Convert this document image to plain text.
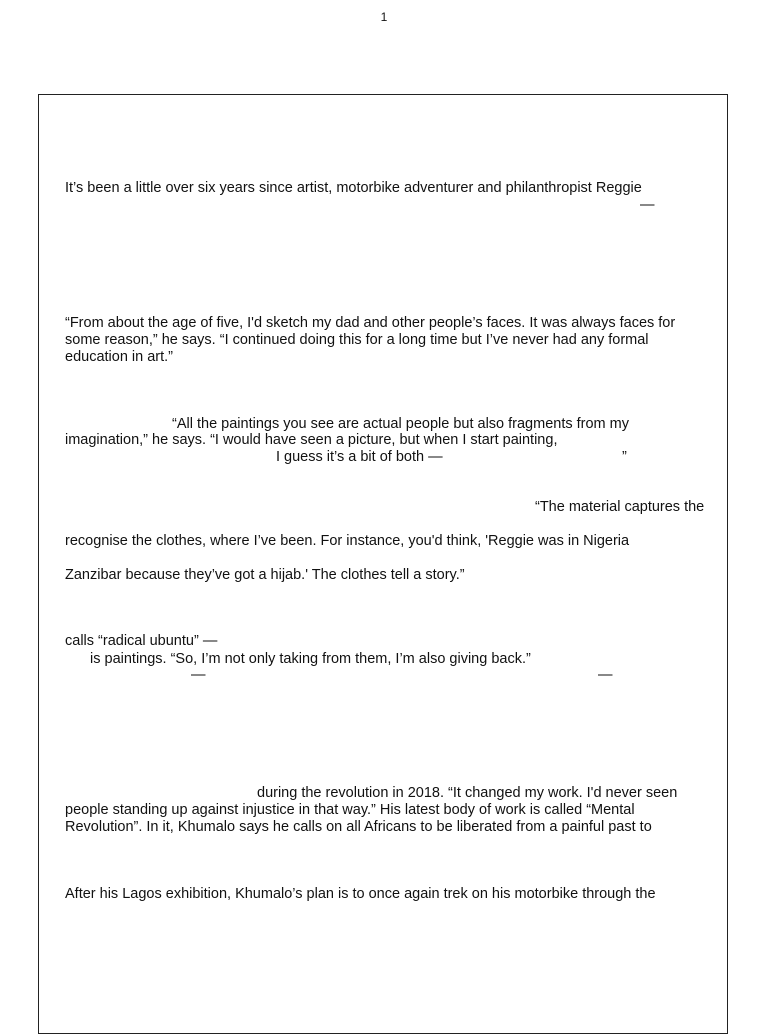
1
It’s been a little over six years since artist, motorbike adventurer and philanthropist Reggie
—
“From about the age of five, I'd sketch my dad and other people’s faces. It was always faces for
some reason,” he says. “I continued doing this for a long time but I’ve never had any formal
education in art.”
“All the paintings you see are actual people but also fragments from my
imagination,” he says. “I would have seen a picture, but when I start painting,
I guess it’s a bit of both —	”
“The material captures the
recognise the clothes, where I’ve been. For instance, you'd think, 'Reggie was in Nigeria
Zanzibar because they’ve got a hijab.' The clothes tell a story.”
calls “radical ubuntu” —
is paintings. “So, I’m not only taking from them, I’m also giving back.”
—	—
during the revolution in 2018. “It changed my work. I'd never seen
people standing up against injustice in that way.” His latest body of work is called “Mental
Revolution”. In it, Khumalo says he calls on all Africans to be liberated from a painful past to
After his Lagos exhibition, Khumalo’s plan is to once again trek on his motorbike through the
